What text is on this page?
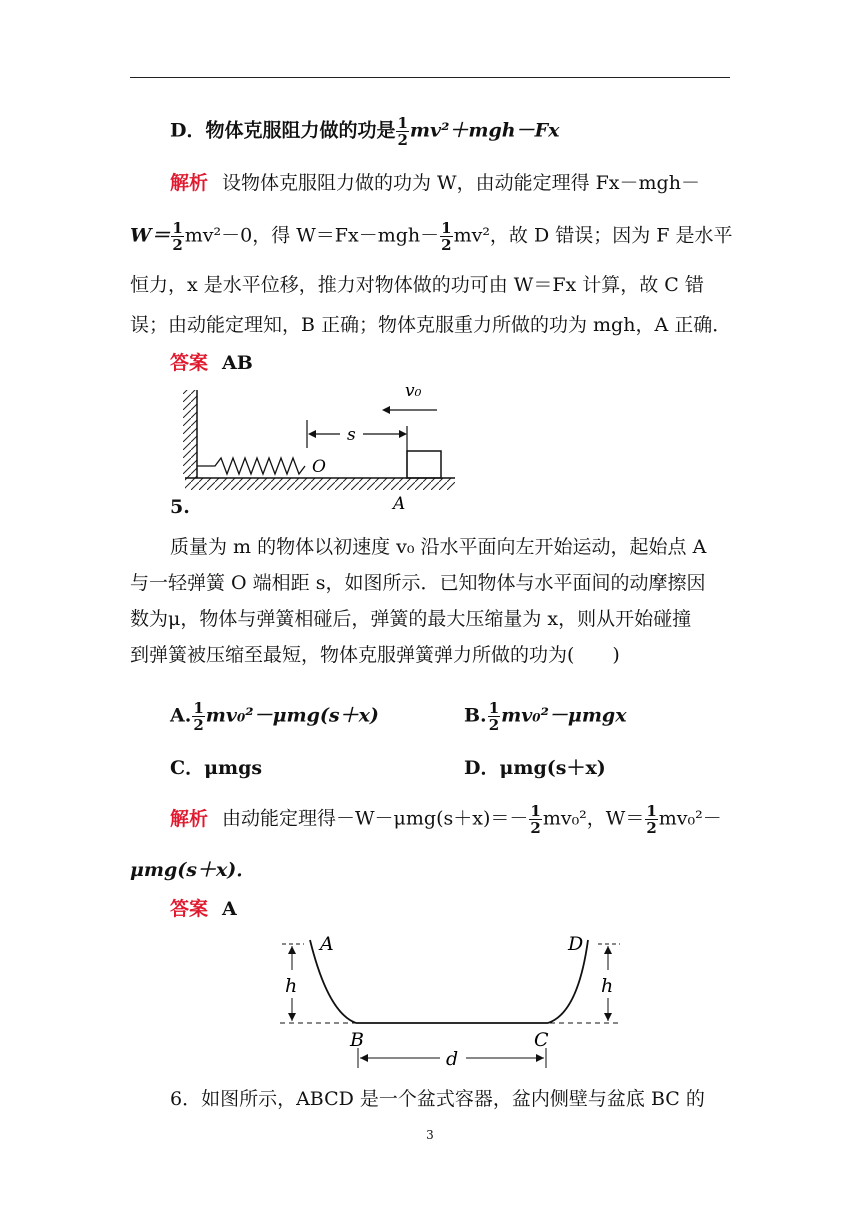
D．物体克服阻力做的功是 $\frac{1}{2} mv^2+mgh-Fx$
解析 设物体克服阻力做的功为 W，由动能定理得 Fx－mgh－
$W= \frac{1}{2} mv^2-0$，得 $W=Fx-mgh- \frac{1}{2} mv^2$，故 D 错误；因为 F 是水平
恒力，x 是水平位移，推力对物体做的功可由 W＝Fx 计算，故 C 错
误；由动能定理知，B 正确；物体克服重力所做的功为 mgh，A 正确．
答案 AB
O
s
v₀
A
5.
质量为 m 的物体以初速度 v₀ 沿水平面向左开始运动，起始点 A
与一轻弹簧 O 端相距 s，如图所示．已知物体与水平面间的动摩擦因
数为μ，物体与弹簧相碰后，弹簧的最大压缩量为 x，则从开始碰撞
到弹簧被压缩至最短，物体克服弹簧弹力所做的功为(　　)
A. $\frac{1}{2} mv_0^2-\mu mg(s+x)$	B. $\frac{1}{2} mv_0^2-\mu mgx$
C．μmgs	D．μmg(s＋x)
解析 由动能定理得$-W-\mu mg(s+x)=- \frac{1}{2} mv_0^2$，$W= \frac{1}{2} mv_0^2-$
μmg(s＋x)．
答案 A
h	h
A	D
B	C
d
6．如图所示，ABCD 是一个盆式容器，盆内侧壁与盆底 BC 的
3
